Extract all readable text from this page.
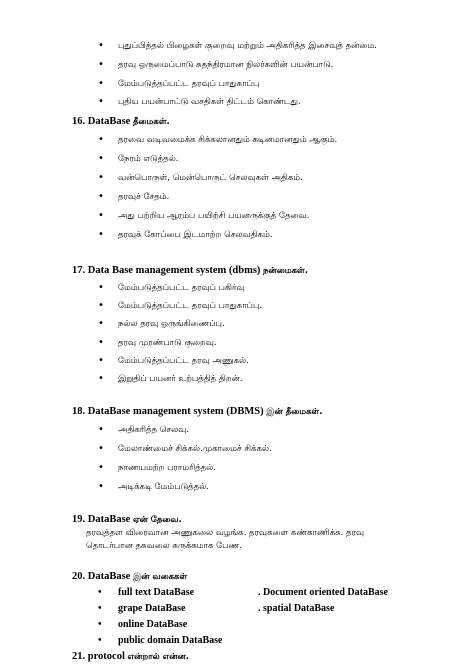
• புதுப்பித்தல் பிழைகள் குறைவு மற்றும் அதிகரித்த இசைவுத் தன்மை.
• தரவு ஒருமைப்பாடு சுதந்திரமான நிலர்களின் பயன்பாடு.
• மேம்படுத்தப்பட்ட தரவுப் பாதுகாப்பு
• புதிய பயன்பாட்டு வசதிகள் திட்டம் கொண்டது.
16. DataBase தீமைகள்.
• தரவை வடிவமைக்க சிக்கலானதும் கடினமானதும் ஆகும்.
• நேரம் எடுத்தல்.
• வன்பொருள், மென்பொருட் செலவுகள் அதிகம்.
• தரவுச் சேதம்.
• அது பற்றிய ஆரம்ப பயிற்சி பயனருக்குத் தேவை.
• தரவுக் கோப்பை இடமாற்ற செலவதிகம்.
17. Data Base management system (dbms) நன்மைகள்.
• மேம்படுத்தப்பட்ட தரவுப் பகிர்வு
• மேம்படுத்தப்பட்ட தரவுப் பாதுகாப்பு.
• நல்ல தரவு ஒருங்கிணைப்பு.
• தரவு முரண்பாடு குறைவு.
• மேம்படுத்தப்பட்ட தரவு அணுகல்.
• இறுதிப் பயனர் உற்பத்தித் திறன்.
18. DataBase management system (DBMS) இன் தீமைகள்.
• அதிகரித்த செலவு.
• மேலாண்மைச் சிக்கல்.முகாமைச் சிக்கல்.
• நாணயமற்ற பராமரித்தல்.
• அடிக்கடி மேம்படுத்தல்.
19. DataBase ஏன் தேவை.
தரவுத்தள விரைவான அணுகலை வழங்க. தரவுகளை கண்காணிக்க. தரவு
தொடர்பான தகவலை சுருக்கமாக பேண.
20. DataBase இன் வகைகள்
• full text DataBase
• grape DataBase
• online DataBase
• public domain DataBase
. Document oriented DataBase
. spatial DataBase
21. protocol என்றால் என்ன.
